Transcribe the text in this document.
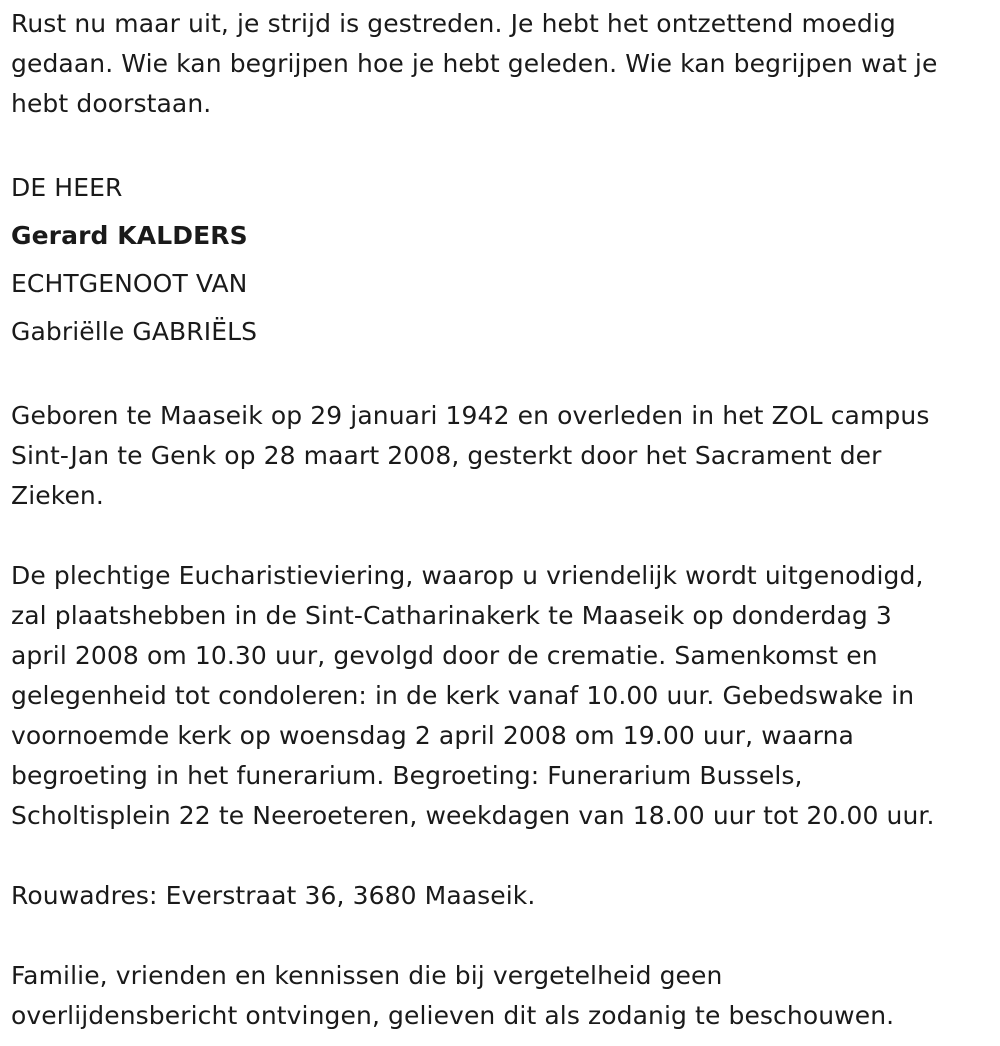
Rust nu maar uit, je strijd is gestreden. Je hebt het ontzettend moedig

gedaan. Wie kan begrijpen hoe je hebt geleden. Wie kan begrijpen wat je

hebt doorstaan.

DE HEER

Gerard KALDERS

ECHTGENOOT VAN

Gabriëlle GABRIËLS

Geboren te Maaseik op 29 januari 1942 en overleden in het ZOL campus

Sint-Jan te Genk op 28 maart 2008, gesterkt door het Sacrament der

Zieken.

De plechtige Eucharistieviering, waarop u vriendelijk wordt uitgenodigd,

zal plaatshebben in de Sint-Catharinakerk te Maaseik op donderdag 3

april 2008 om 10.30 uur, gevolgd door de crematie. Samenkomst en

gelegenheid tot condoleren: in de kerk vanaf 10.00 uur. Gebedswake in

voornoemde kerk op woensdag 2 april 2008 om 19.00 uur, waarna

begroeting in het funerarium. Begroeting: Funerarium Bussels,

Scholtisplein 22 te Neeroeteren, weekdagen van 18.00 uur tot 20.00 uur.

Rouwadres: Everstraat 36, 3680 Maaseik.

Familie, vrienden en kennissen die bij vergetelheid geen

overlijdensbericht ontvingen, gelieven dit als zodanig te beschouwen.
